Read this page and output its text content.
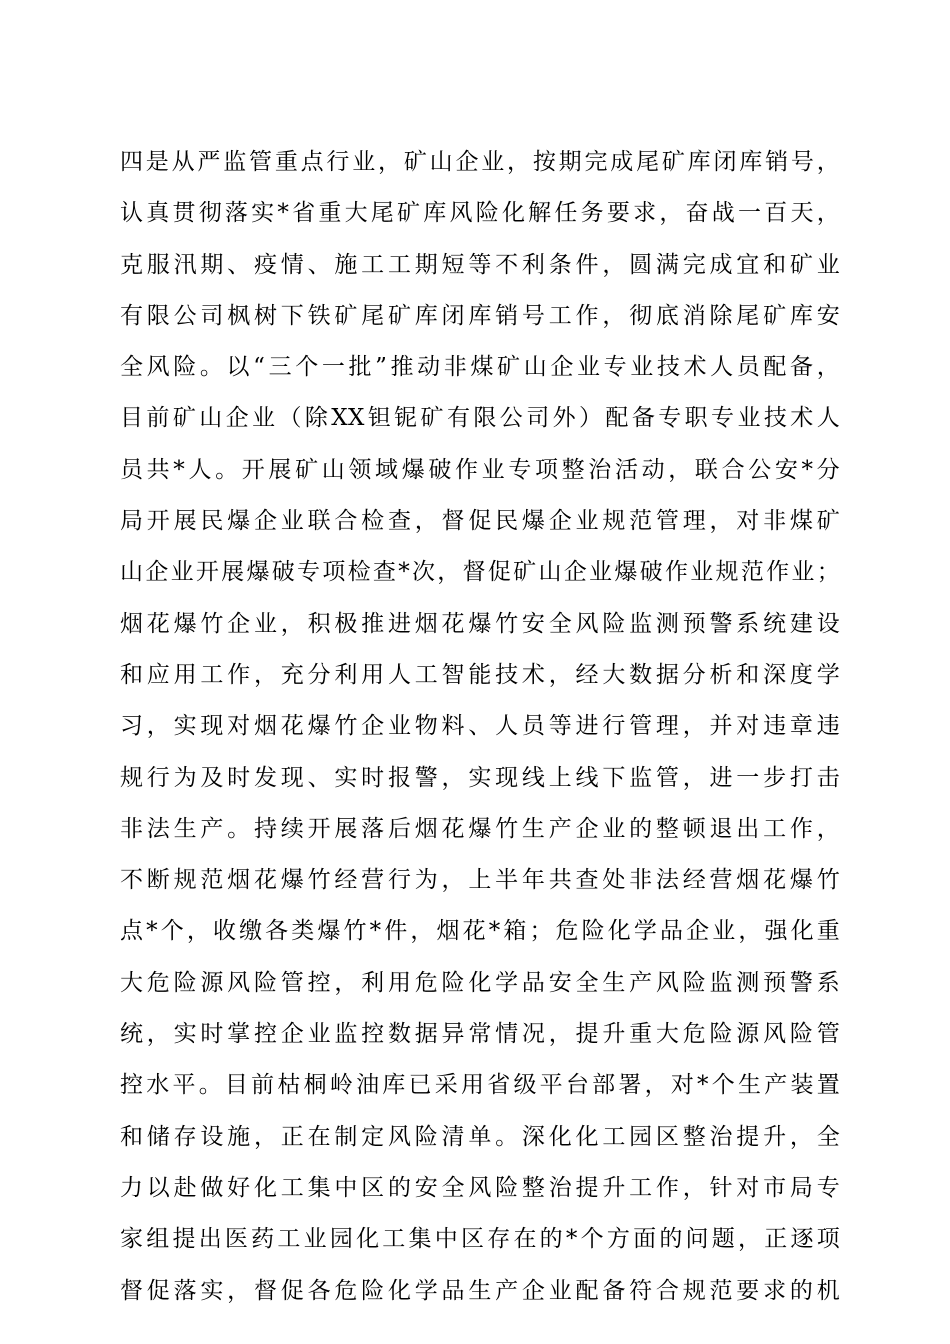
四是从严监管重点行业，矿山企业，按期完成尾矿库闭库销号，
认真贯彻落实*省重大尾矿库风险化解任务要求，奋战一百天，
克服汛期、疫情、施工工期短等不利条件，圆满完成宜和矿业
有限公司枫树下铁矿尾矿库闭库销号工作，彻底消除尾矿库安
全风险。以“三个一批”推动非煤矿山企业专业技术人员配备，
目前矿山企业（除XX钽铌矿有限公司外）配备专职专业技术人
员共*人。开展矿山领域爆破作业专项整治活动，联合公安*分
局开展民爆企业联合检查，督促民爆企业规范管理，对非煤矿
山企业开展爆破专项检查*次，督促矿山企业爆破作业规范作业；
烟花爆竹企业，积极推进烟花爆竹安全风险监测预警系统建设
和应用工作，充分利用人工智能技术，经大数据分析和深度学
习，实现对烟花爆竹企业物料、人员等进行管理，并对违章违
规行为及时发现、实时报警，实现线上线下监管，进一步打击
非法生产。持续开展落后烟花爆竹生产企业的整顿退出工作，
不断规范烟花爆竹经营行为，上半年共查处非法经营烟花爆竹
点*个，收缴各类爆竹*件，烟花*箱；危险化学品企业，强化重
大危险源风险管控，利用危险化学品安全生产风险监测预警系
统，实时掌控企业监控数据异常情况，提升重大危险源风险管
控水平。目前枯桐岭油库已采用省级平台部署，对*个生产装置
和储存设施，正在制定风险清单。深化化工园区整治提升，全
力以赴做好化工集中区的安全风险整治提升工作，针对市局专
家组提出医药工业园化工集中区存在的*个方面的问题，正逐项
督促落实，督促各危险化学品生产企业配备符合规范要求的机
